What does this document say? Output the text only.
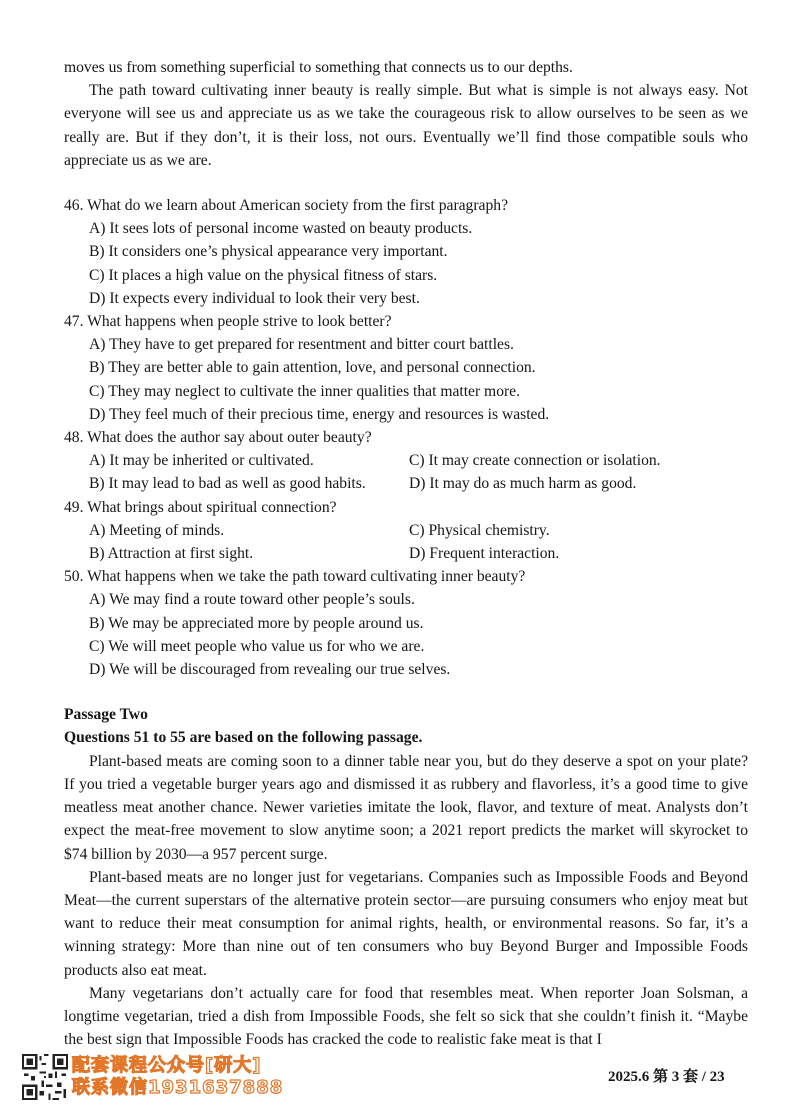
moves us from something superficial to something that connects us to our depths.

The path toward cultivating inner beauty is really simple. But what is simple is not always easy. Not everyone will see us and appreciate us as we take the courageous risk to allow ourselves to be seen as we really are. But if they don’t, it is their loss, not ours. Eventually we’ll find those compatible souls who appreciate us as we are.

46. What do we learn about American society from the first paragraph?

A) It sees lots of personal income wasted on beauty products.

B) It considers one’s physical appearance very important.

C) It places a high value on the physical fitness of stars.

D) It expects every individual to look their very best.

47. What happens when people strive to look better?

A) They have to get prepared for resentment and bitter court battles.

B) They are better able to gain attention, love, and personal connection.

C) They may neglect to cultivate the inner qualities that matter more.

D) They feel much of their precious time, energy and resources is wasted.

48. What does the author say about outer beauty?

A) It may be inherited or cultivated.	C) It may create connection or isolation.
B) It may lead to bad as well as good habits.	D) It may do as much harm as good.

49. What brings about spiritual connection?

A) Meeting of minds.	C) Physical chemistry.
B) Attraction at first sight.	D) Frequent interaction.

50. What happens when we take the path toward cultivating inner beauty?

A) We may find a route toward other people’s souls.

B) We may be appreciated more by people around us.

C) We will meet people who value us for who we are.

D) We will be discouraged from revealing our true selves.

Passage Two

Questions 51 to 55 are based on the following passage.

Plant-based meats are coming soon to a dinner table near you, but do they deserve a spot on your plate? If you tried a vegetable burger years ago and dismissed it as rubbery and flavorless, it’s a good time to give meatless meat another chance. Newer varieties imitate the look, flavor, and texture of meat. Analysts don’t expect the meat-free movement to slow anytime soon; a 2021 report predicts the market will skyrocket to $74 billion by 2030—a 957 percent surge.

Plant-based meats are no longer just for vegetarians. Companies such as Impossible Foods and Beyond Meat—the current superstars of the alternative protein sector—are pursuing consumers who enjoy meat but want to reduce their meat consumption for animal rights, health, or environmental reasons. So far, it’s a winning strategy: More than nine out of ten consumers who buy Beyond Burger and Impossible Foods products also eat meat.

Many vegetarians don’t actually care for food that resembles meat. When reporter Joan Solsman, a longtime vegetarian, tried a dish from Impossible Foods, she felt so sick that she couldn’t finish it. “Maybe the best sign that Impossible Foods has cracked the code to realistic fake meat is that I

配套课程公众号[研大]
联系微信1931637888	2025.6 第 3 套 / 23
